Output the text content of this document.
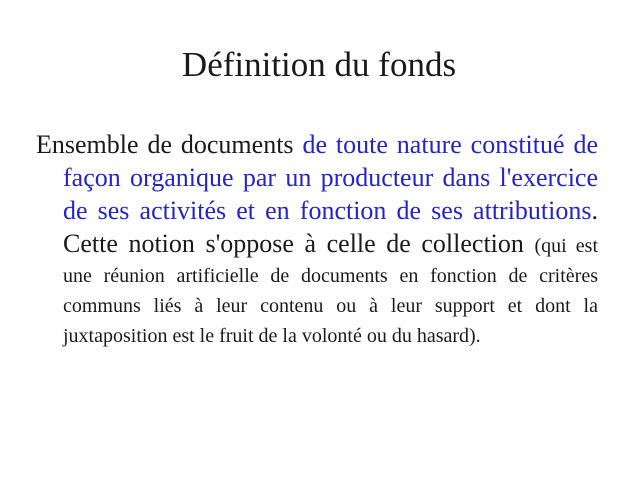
Définition du fonds

Ensemble de documents de toute nature constitué de façon organique par un producteur dans l'exercice de ses activités et en fonction de ses attributions. Cette notion s'oppose à celle de collection (qui est une réunion artificielle de documents en fonction de critères communs liés à leur contenu ou à leur support et dont la juxtaposition est le fruit de la volonté ou du hasard).
